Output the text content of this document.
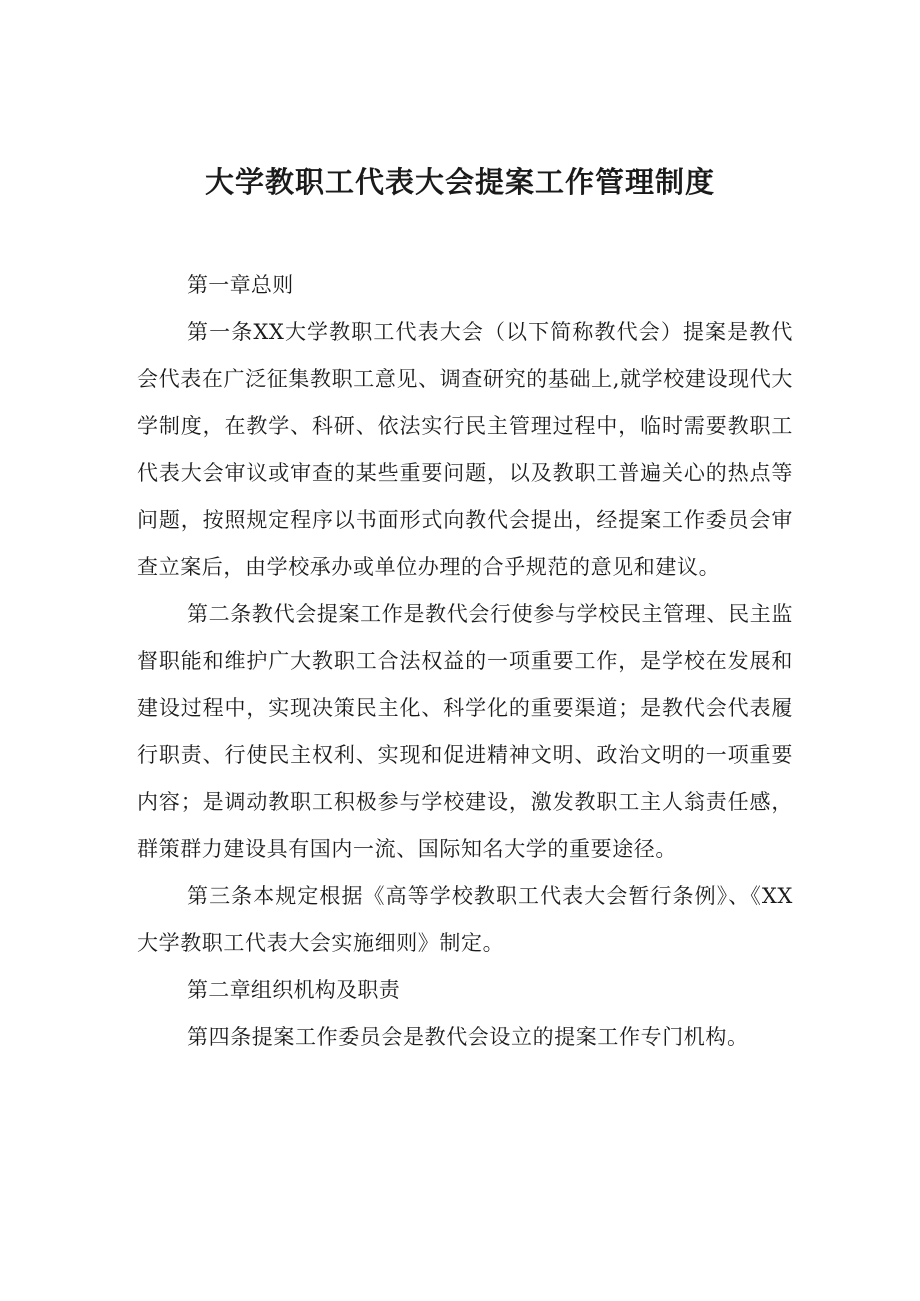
大学教职工代表大会提案工作管理制度

第一章总则

第一条XX大学教职工代表大会（以下简称教代会）提案是教代会代表在广泛征集教职工意见、调查研究的基础上,就学校建设现代大学制度，在教学、科研、依法实行民主管理过程中，临时需要教职工代表大会审议或审查的某些重要问题，以及教职工普遍关心的热点等问题，按照规定程序以书面形式向教代会提出，经提案工作委员会审查立案后，由学校承办或单位办理的合乎规范的意见和建议。

第二条教代会提案工作是教代会行使参与学校民主管理、民主监督职能和维护广大教职工合法权益的一项重要工作，是学校在发展和建设过程中，实现决策民主化、科学化的重要渠道；是教代会代表履行职责、行使民主权利、实现和促进精神文明、政治文明的一项重要内容；是调动教职工积极参与学校建设，激发教职工主人翁责任感，群策群力建设具有国内一流、国际知名大学的重要途径。

第三条本规定根据《高等学校教职工代表大会暂行条例》、《XX大学教职工代表大会实施细则》制定。

第二章组织机构及职责

第四条提案工作委员会是教代会设立的提案工作专门机构。
